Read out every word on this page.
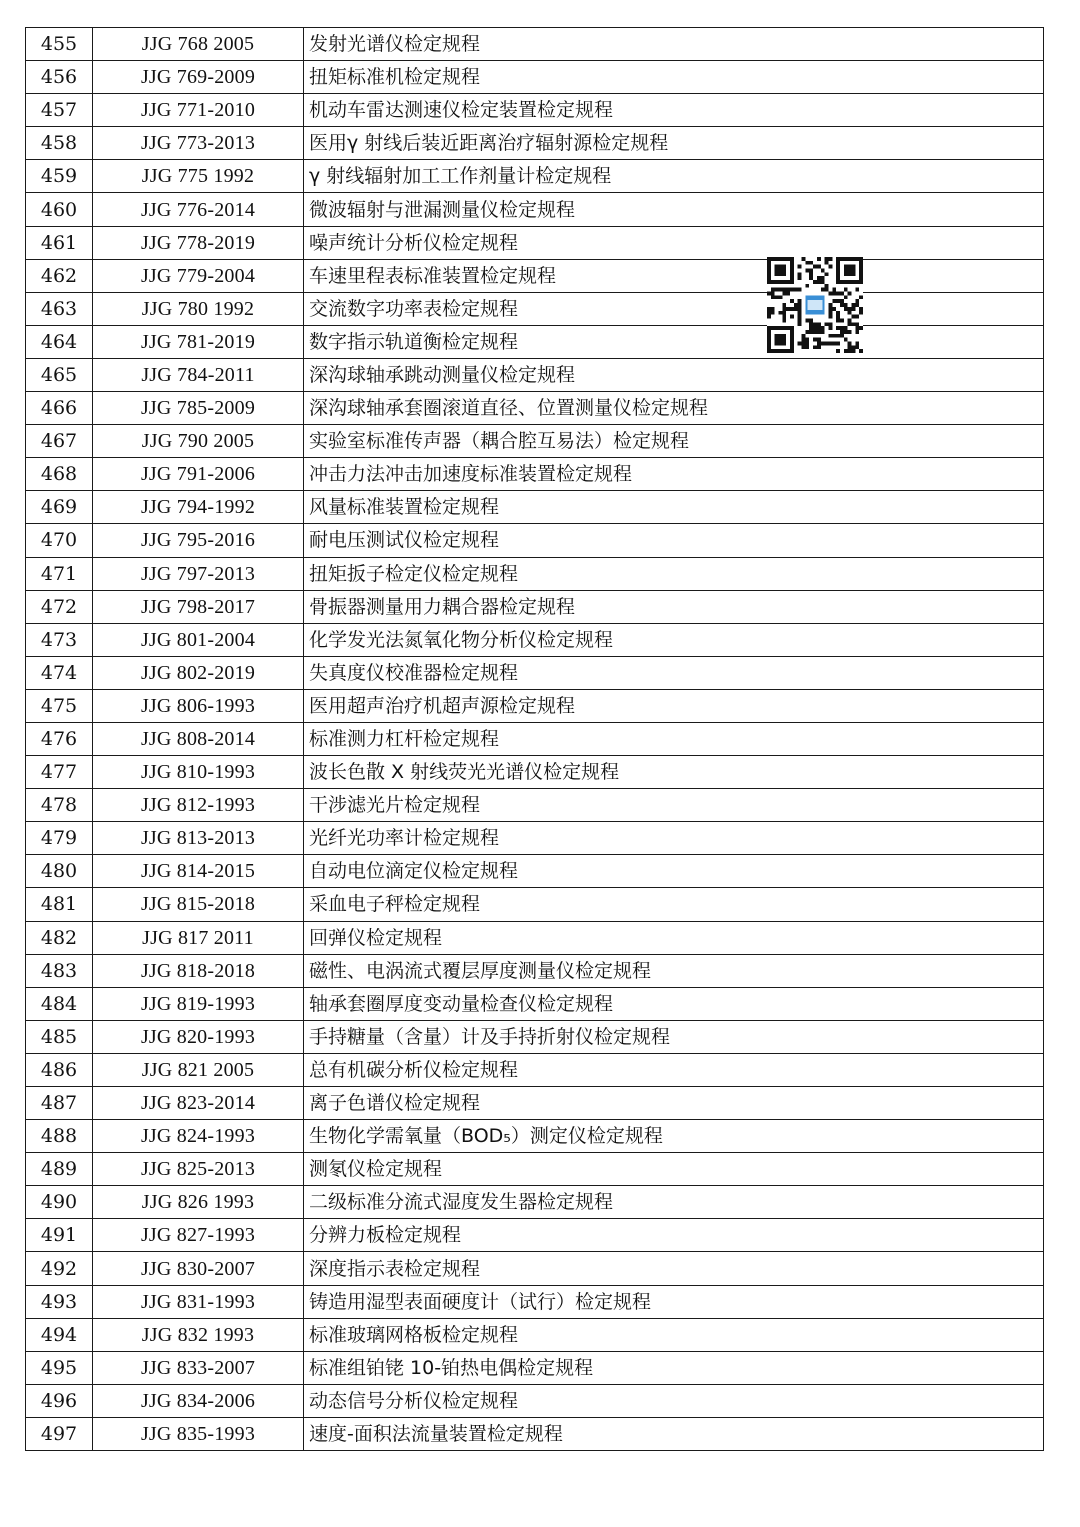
455	JJG 768 2005	发射光谱仪检定规程
456	JJG 769-2009	扭矩标准机检定规程
457	JJG 771-2010	机动车雷达测速仪检定装置检定规程
458	JJG 773-2013	医用γ 射线后装近距离治疗辐射源检定规程
459	JJG 775 1992	γ 射线辐射加工工作剂量计检定规程
460	JJG 776-2014	微波辐射与泄漏测量仪检定规程
461	JJG 778-2019	噪声统计分析仪检定规程
462	JJG 779-2004	车速里程表标准装置检定规程
463	JJG 780 1992	交流数字功率表检定规程
464	JJG 781-2019	数字指示轨道衡检定规程
465	JJG 784-2011	深沟球轴承跳动测量仪检定规程
466	JJG 785-2009	深沟球轴承套圈滚道直径、位置测量仪检定规程
467	JJG 790 2005	实验室标准传声器（耦合腔互易法）检定规程
468	JJG 791-2006	冲击力法冲击加速度标准装置检定规程
469	JJG 794-1992	风量标准装置检定规程
470	JJG 795-2016	耐电压测试仪检定规程
471	JJG 797-2013	扭矩扳子检定仪检定规程
472	JJG 798-2017	骨振器测量用力耦合器检定规程
473	JJG 801-2004	化学发光法氮氧化物分析仪检定规程
474	JJG 802-2019	失真度仪校准器检定规程
475	JJG 806-1993	医用超声治疗机超声源检定规程
476	JJG 808-2014	标准测力杠杆检定规程
477	JJG 810-1993	波长色散 X 射线荧光光谱仪检定规程
478	JJG 812-1993	干涉滤光片检定规程
479	JJG 813-2013	光纤光功率计检定规程
480	JJG 814-2015	自动电位滴定仪检定规程
481	JJG 815-2018	采血电子秤检定规程
482	JJG 817 2011	回弹仪检定规程
483	JJG 818-2018	磁性、电涡流式覆层厚度测量仪检定规程
484	JJG 819-1993	轴承套圈厚度变动量检查仪检定规程
485	JJG 820-1993	手持糖量（含量）计及手持折射仪检定规程
486	JJG 821 2005	总有机碳分析仪检定规程
487	JJG 823-2014	离子色谱仪检定规程
488	JJG 824-1993	生物化学需氧量（BOD₅）测定仪检定规程
489	JJG 825-2013	测氡仪检定规程
490	JJG 826 1993	二级标准分流式湿度发生器检定规程
491	JJG 827-1993	分辨力板检定规程
492	JJG 830-2007	深度指示表检定规程
493	JJG 831-1993	铸造用湿型表面硬度计（试行）检定规程
494	JJG 832 1993	标准玻璃网格板检定规程
495	JJG 833-2007	标准组铂铑 10-铂热电偶检定规程
496	JJG 834-2006	动态信号分析仪检定规程
497	JJG 835-1993	速度-面积法流量装置检定规程
